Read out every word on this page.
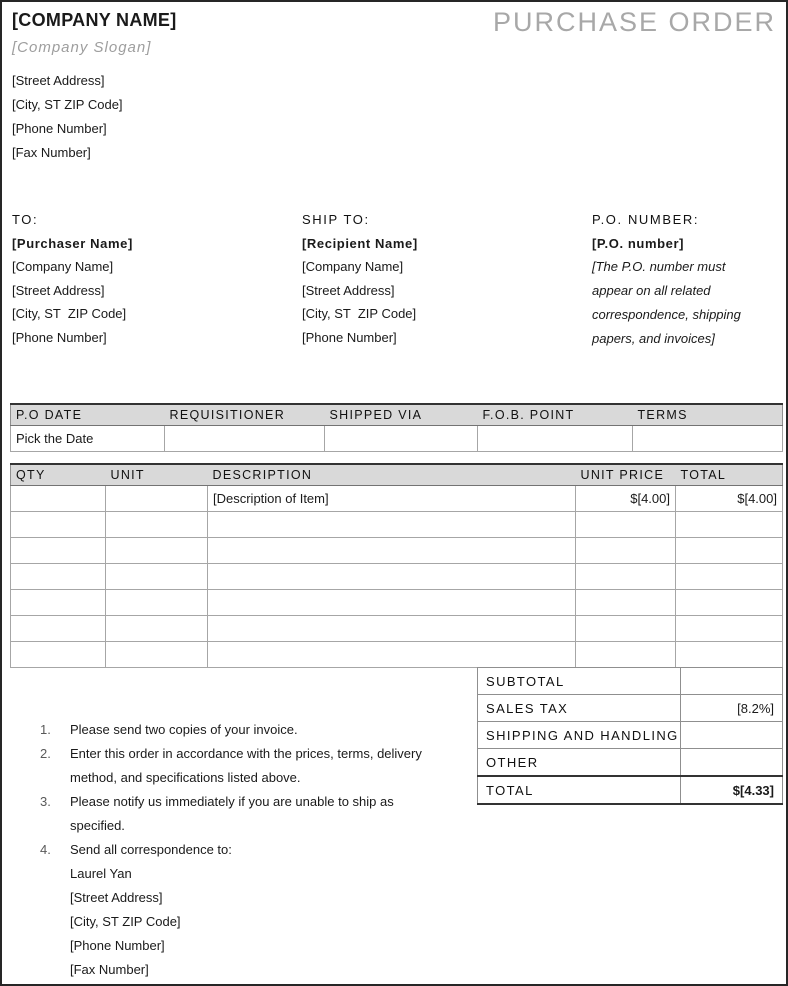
PURCHASE ORDER
[COMPANY NAME]
[Company Slogan]
[Street Address]
[City, ST ZIP Code]
[Phone Number]
[Fax Number]
TO:
[Purchaser Name]
[Company Name]
[Street Address]
[City, ST  ZIP Code]
[Phone Number]
SHIP TO:
[Recipient Name]
[Company Name]
[Street Address]
[City, ST  ZIP Code]
[Phone Number]
P.O. NUMBER:
[P.O. number]
[The P.O. number must
appear on all related
correspondence, shipping
papers, and invoices]
P.O DATE	REQUISITIONER	SHIPPED VIA	F.O.B. POINT	TERMS
Pick the Date				
QTY	UNIT	DESCRIPTION	UNIT PRICE	TOTAL
		[Description of Item]	$[4.00]	$[4.00]

SUBTOTAL	
SALES TAX	[8.2%]
SHIPPING AND HANDLING	
OTHER	
TOTAL	$[4.33]
1.	Please send two copies of your invoice.
2.	Enter this order in accordance with the prices, terms, delivery method, and specifications listed above.
3.	Please notify us immediately if you are unable to ship as specified.
4.	Send all correspondence to:
Laurel Yan
[Street Address]
[City, ST ZIP Code]
[Phone Number]
[Fax Number]
